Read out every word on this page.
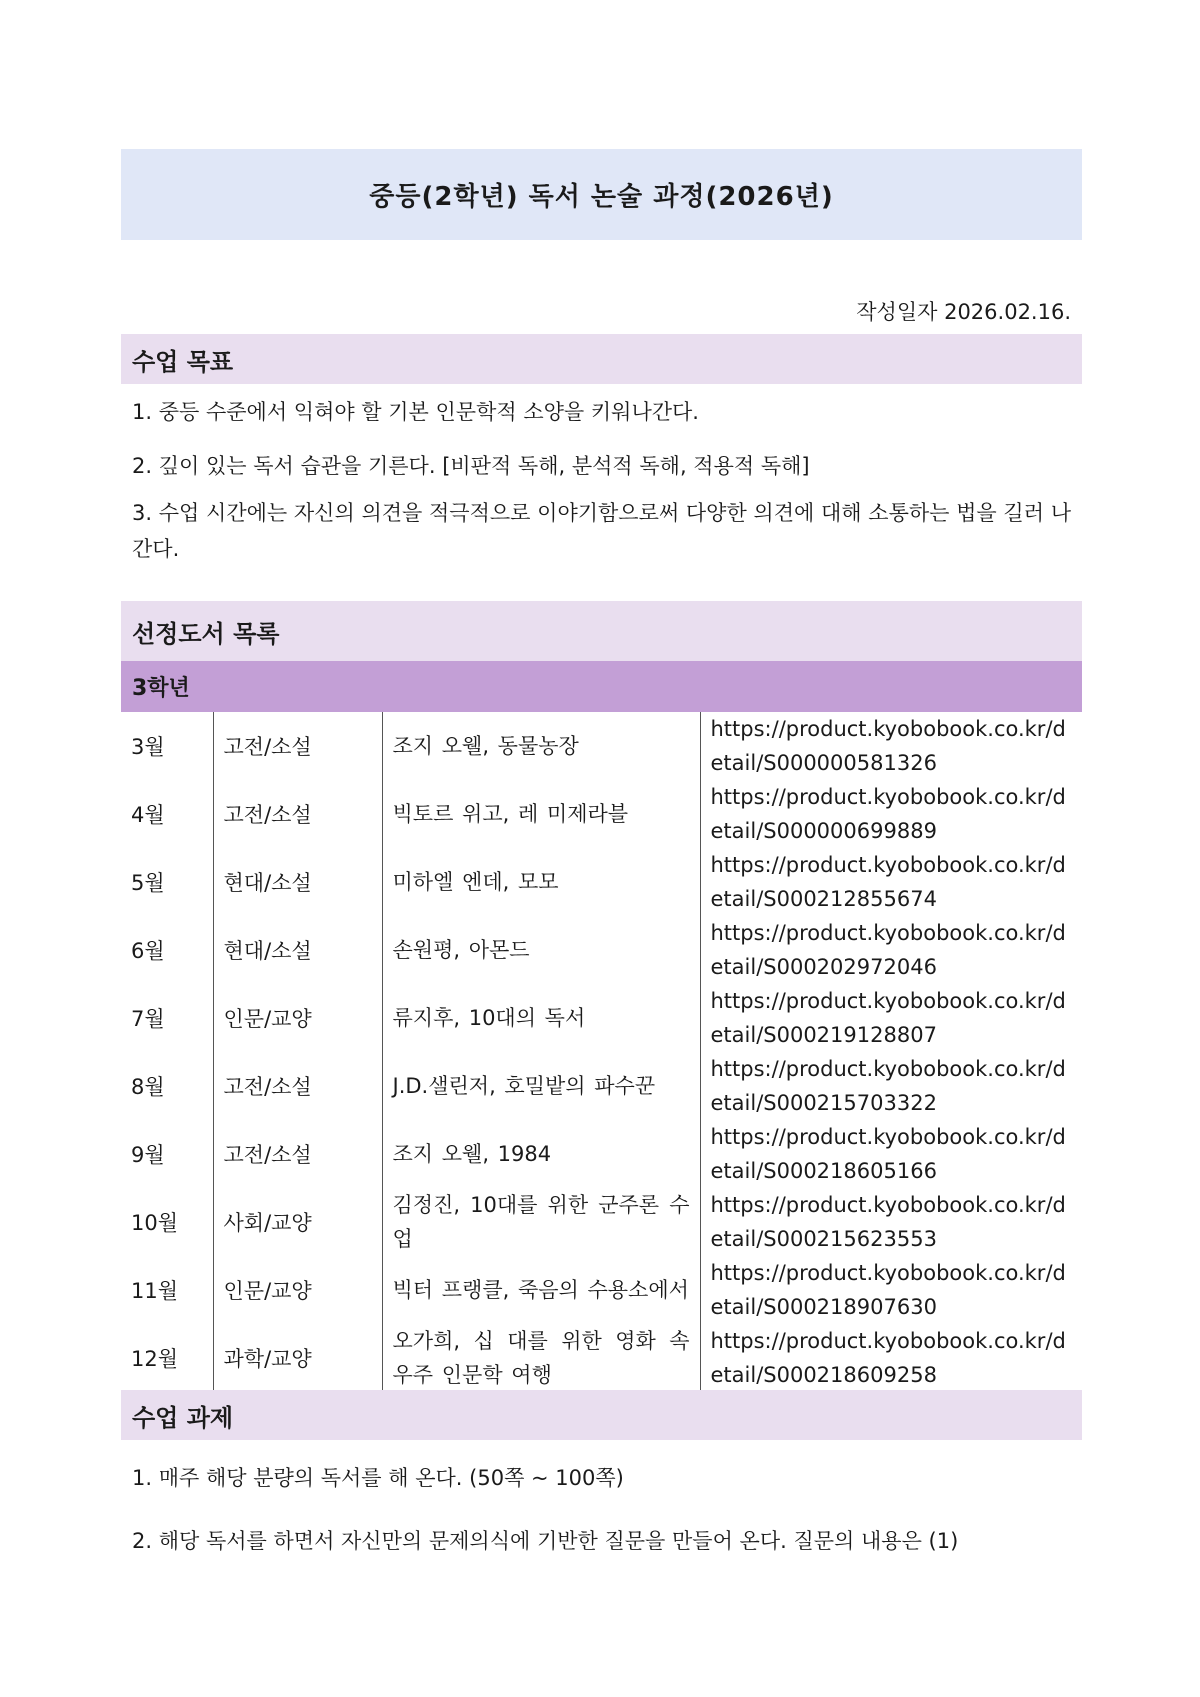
중등(2학년) 독서 논술 과정(2026년)
작성일자 2026.02.16.
수업 목표
1. 중등 수준에서 익혀야 할 기본 인문학적 소양을 키워나간다.
2. 깊이 있는 독서 습관을 기른다. [비판적 독해, 분석적 독해, 적용적 독해]
3. 수업 시간에는 자신의 의견을 적극적으로 이야기함으로써 다양한 의견에 대해 소통하는 법을 길러 나간다.
선정도서 목록
3학년
3월	고전/소설	조지 오웰, 동물농장	https://product.kyobobook.co.kr/detail/S000000581326
4월	고전/소설	빅토르 위고, 레 미제라블	https://product.kyobobook.co.kr/detail/S000000699889
5월	현대/소설	미하엘 엔데, 모모	https://product.kyobobook.co.kr/detail/S000212855674
6월	현대/소설	손원평, 아몬드	https://product.kyobobook.co.kr/detail/S000202972046
7월	인문/교양	류지후, 10대의 독서	https://product.kyobobook.co.kr/detail/S000219128807
8월	고전/소설	J.D.샐린저, 호밀밭의 파수꾼	https://product.kyobobook.co.kr/detail/S000215703322
9월	고전/소설	조지 오웰, 1984	https://product.kyobobook.co.kr/detail/S000218605166
10월	사회/교양	김정진, 10대를 위한 군주론 수업	https://product.kyobobook.co.kr/detail/S000215623553
11월	인문/교양	빅터 프랭클, 죽음의 수용소에서	https://product.kyobobook.co.kr/detail/S000218907630
12월	과학/교양	오가희, 십 대를 위한 영화 속 우주 인문학 여행	https://product.kyobobook.co.kr/detail/S000218609258
수업 과제
1. 매주 해당 분량의 독서를 해 온다. (50쪽 ~ 100쪽)
2. 해당 독서를 하면서 자신만의 문제의식에 기반한 질문을 만들어 온다. 질문의 내용은 (1)
